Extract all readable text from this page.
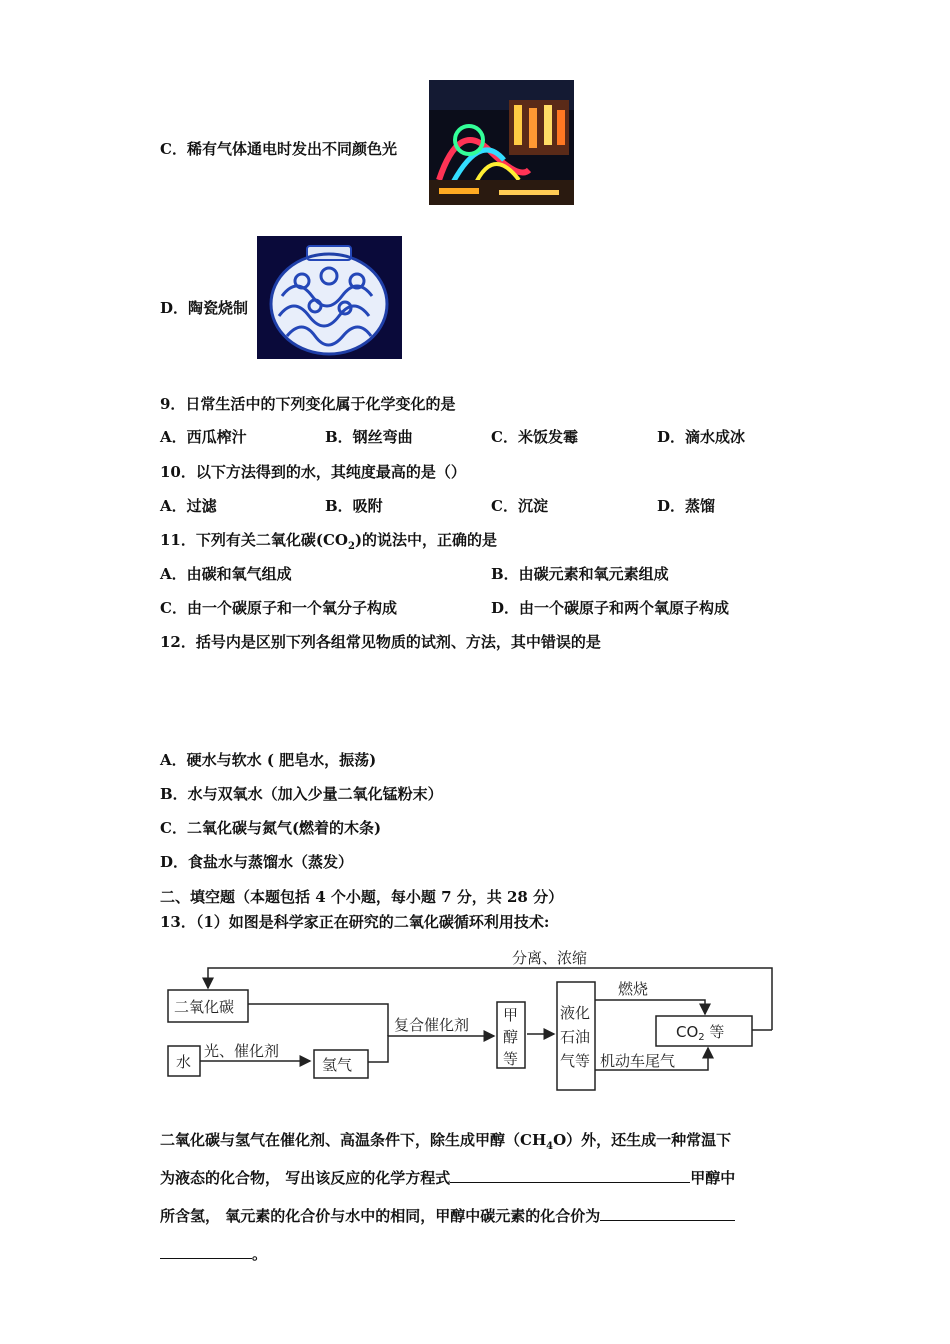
C．稀有气体通电时发出不同颜色光
D．陶瓷烧制
9．日常生活中的下列变化属于化学变化的是
A．西瓜榨汁	B．钢丝弯曲	C．米饭发霉	D．滴水成冰
10．以下方法得到的水，其纯度最高的是（）
A．过滤	B．吸附	C．沉淀	D．蒸馏
11．下列有关二氧化碳$(CO_2)$的说法中，正确的是
A．由碳和氧气组成	B．由碳元素和氧元素组成
C．由一个碳原子和一个氧分子构成	D．由一个碳原子和两个氧原子构成
12．括号内是区别下列各组常见物质的试剂、方法，其中错误的是
A．硬水与软水 ( 肥皂水，振荡)
B．水与双氧水（加入少量二氧化锰粉末）
C．二氧化碳与氮气(燃着的木条)
D．食盐水与蒸馏水（蒸发）
二、填空题（本题包括 4 个小题，每小题 7 分，共 28 分）
13．（1）如图是科学家正在研究的二氧化碳循环利用技术:
分离、浓缩
二氧化碳
水
光、催化剂
氢气
复合催化剂
甲
醇
等
液化
石油
气等
燃烧
$CO_2$ 等
机动车尾气
二氧化碳与氢气在催化剂、高温条件下，除生成甲醇$(CH_4O)$外，还生成一种常温下
为液态的化合物， 写出该反应的化学方程式	甲醇中
所含氢， 氧元素的化合价与水中的相同，甲醇中碳元素的化合价为
。
